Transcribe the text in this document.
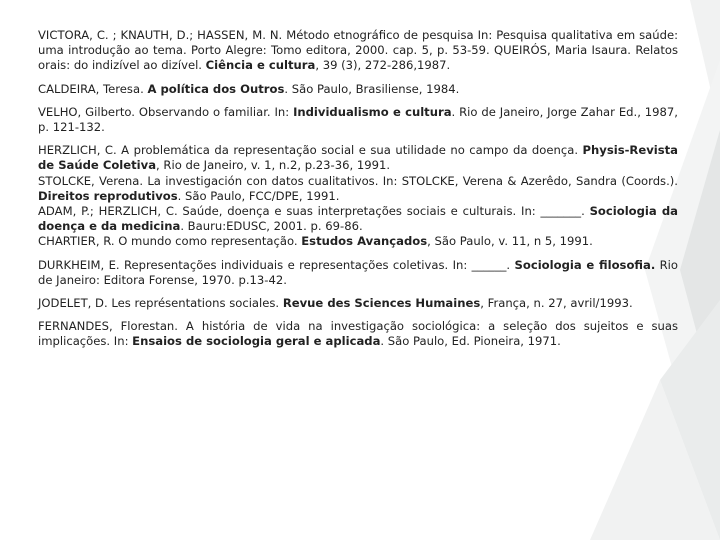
VICTORA, C. ; KNAUTH, D.; HASSEN, M. N. Método etnográfico de pesquisa In: Pesquisa qualitativa em saúde: uma introdução ao tema. Porto Alegre: Tomo editora, 2000. cap. 5, p. 53-59. QUEIRÓS, Maria Isaura. Relatos orais: do indizível ao dizível. Ciência e cultura, 39 (3), 272-286,1987.

CALDEIRA, Teresa. A política dos Outros. São Paulo, Brasiliense, 1984.

VELHO, Gilberto. Observando o familiar. In: Individualismo e cultura. Rio de Janeiro, Jorge Zahar Ed., 1987, p. 121-132.

HERZLICH, C. A problemática da representação social e sua utilidade no campo da doença. Physis-Revista de Saúde Coletiva, Rio de Janeiro, v. 1, n.2, p.23-36, 1991.

STOLCKE, Verena. La investigación con datos cualitativos. In: STOLCKE, Verena & Azerêdo, Sandra (Coords.). Direitos reprodutivos. São Paulo, FCC/DPE, 1991.

ADAM, P.; HERZLICH, C. Saúde, doença e suas interpretações sociais e culturais. In: _______. Sociologia da doença e da medicina. Bauru:EDUSC, 2001. p. 69-86.

CHARTIER, R. O mundo como representação. Estudos Avançados, São Paulo, v. 11, n 5, 1991.

DURKHEIM, E. Representações individuais e representações coletivas. In: ______. Sociologia e filosofia. Rio de Janeiro: Editora Forense, 1970. p.13-42.

JODELET, D. Les représentations sociales. Revue des Sciences Humaines, França, n. 27, avril/1993.

FERNANDES, Florestan. A história de vida na investigação sociológica: a seleção dos sujeitos e suas implicações. In: Ensaios de sociologia geral e aplicada. São Paulo, Ed. Pioneira, 1971.
